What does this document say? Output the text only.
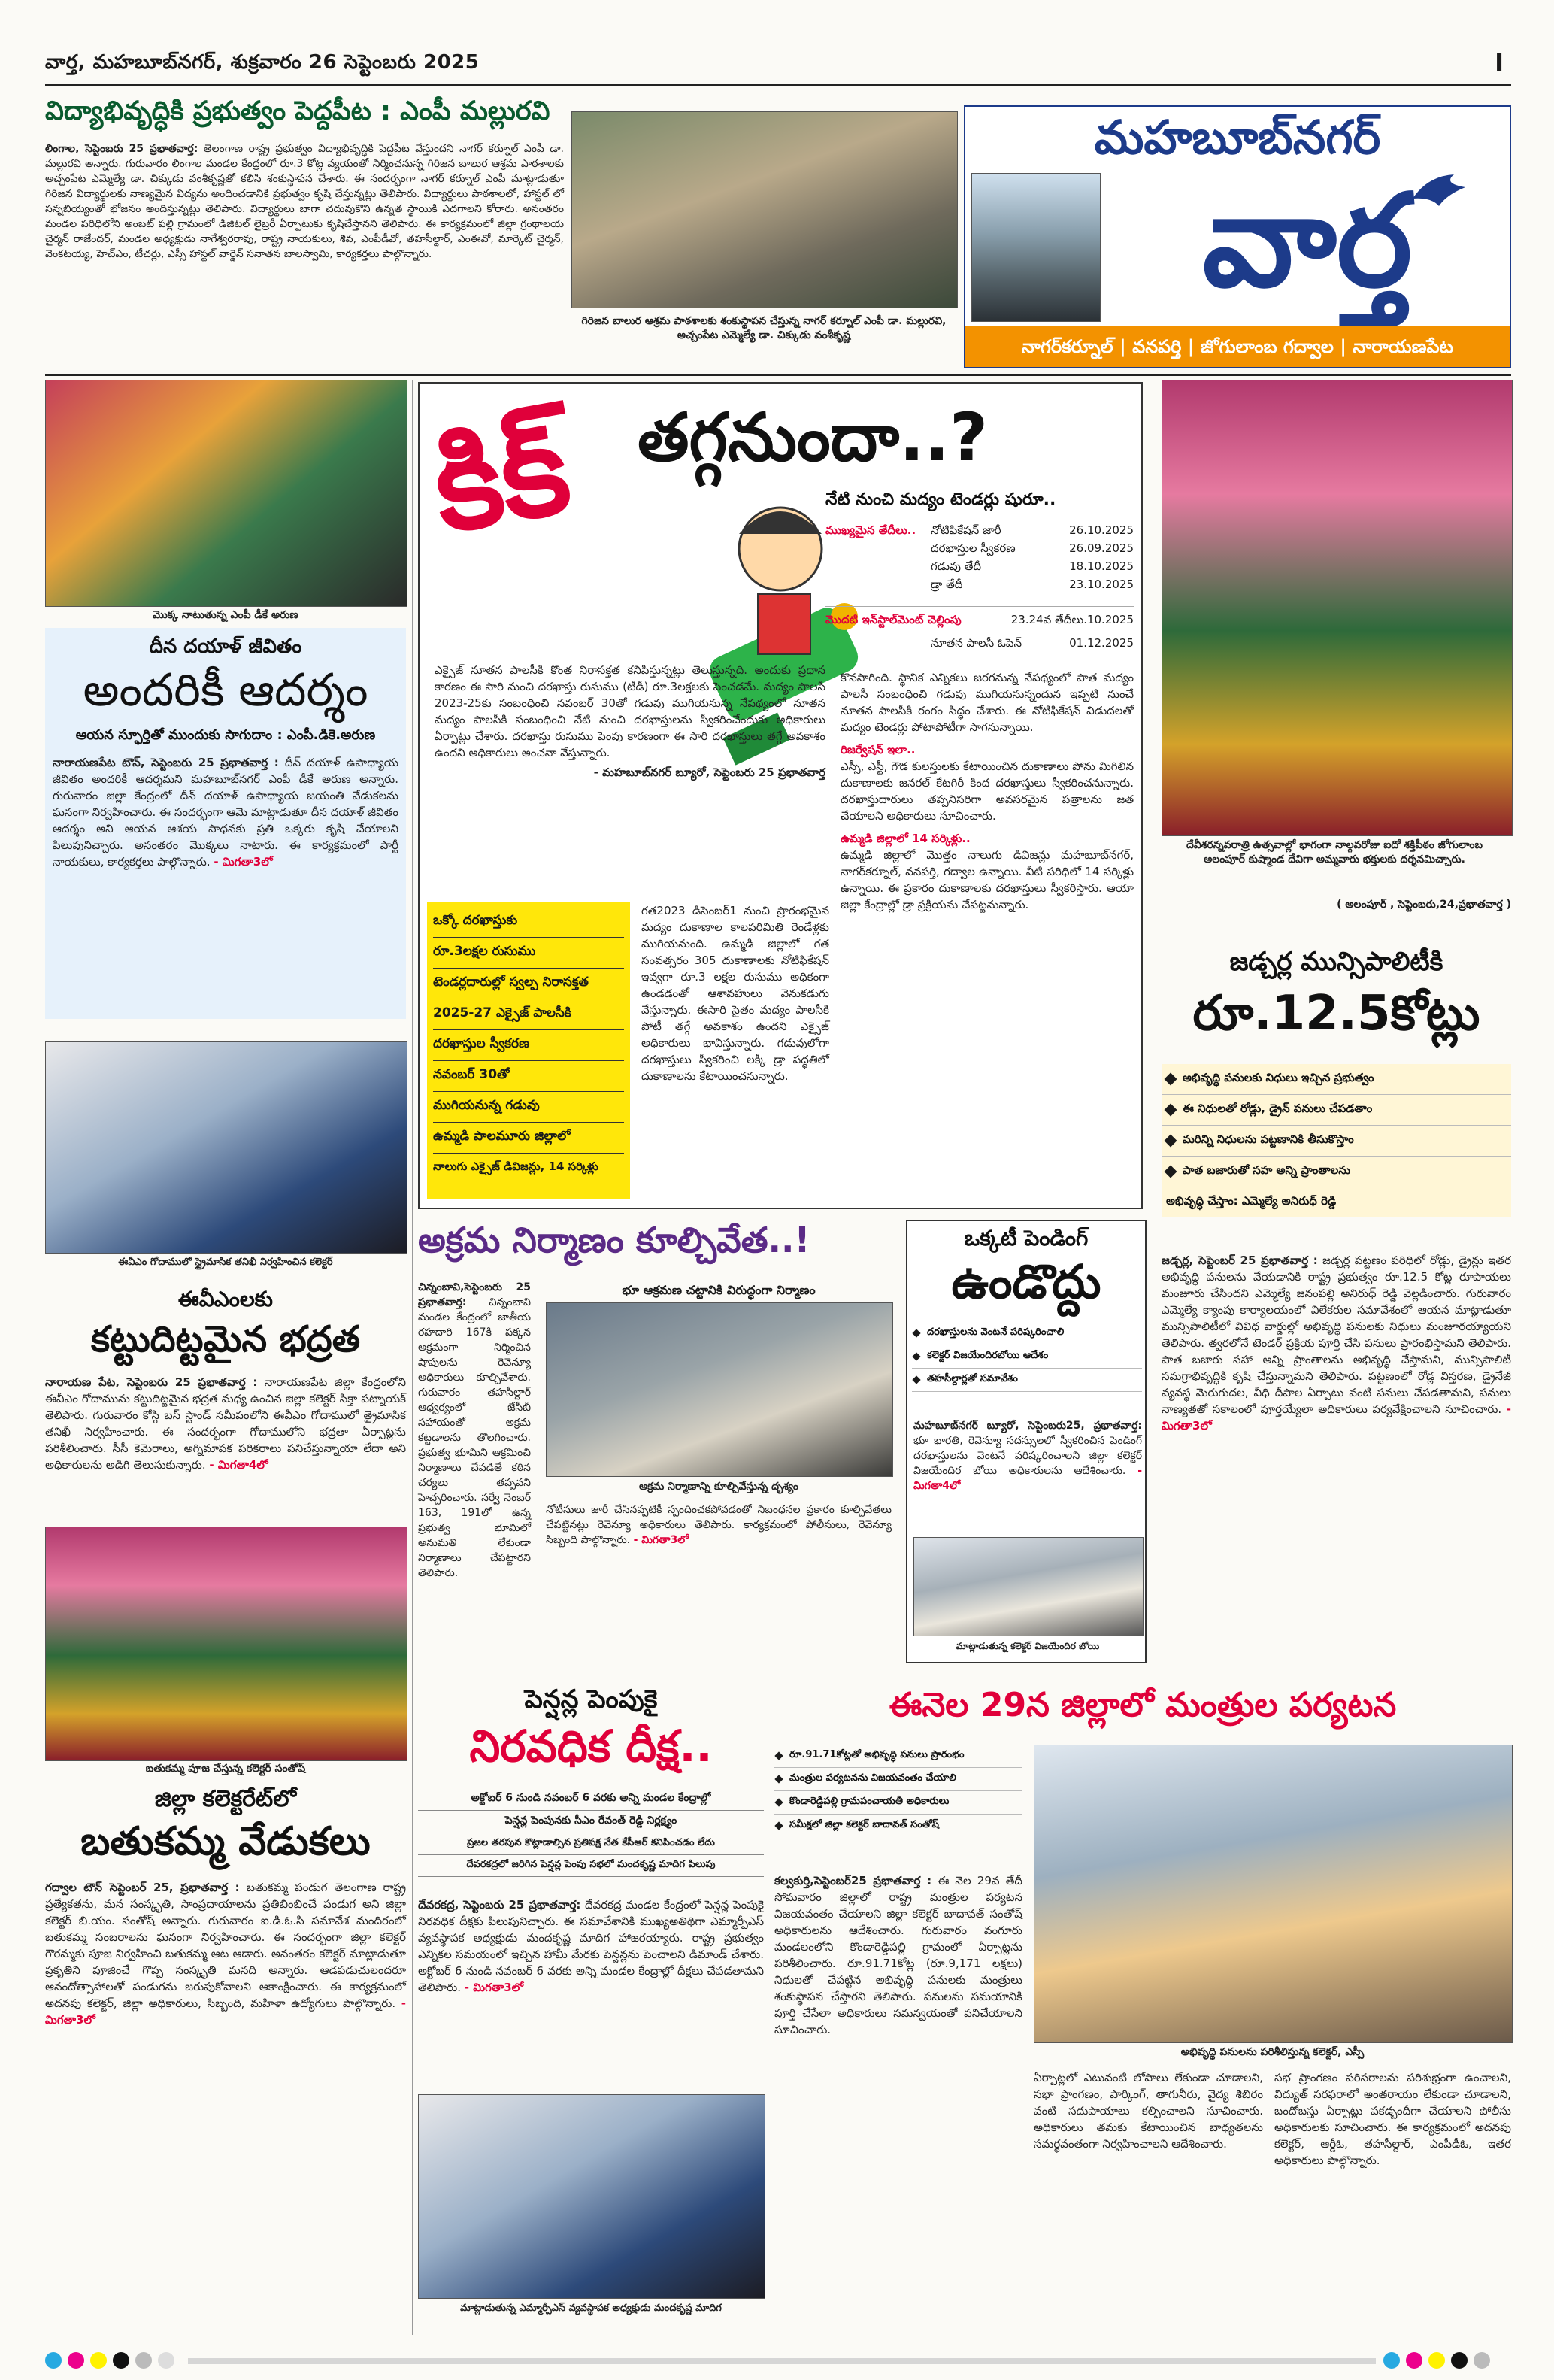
వార్త, మహబూబ్‌నగర్, శుక్రవారం 26 సెప్టెంబరు 2025	I
విద్యాభివృద్ధికి ప్రభుత్వం పెద్దపీట : ఎంపీ మల్లురవి
లింగాల, సెప్టెంబరు 25 ప్రభాతవార్త: తెలంగాణ రాష్ట్ర ప్రభుత్వం విద్యాభివృద్ధికి పెద్దపీట వేస్తుందని నాగర్ కర్నూల్ ఎంపీ డా. మల్లురవి అన్నారు. గురువారం లింగాల మండల కేంద్రంలో రూ.3 కోట్ల వ్యయంతో నిర్మించనున్న గిరిజన బాలుర ఆశ్రమ పాఠశాలకు అచ్చంపేట ఎమ్మెల్యే డా. చిక్కుడు వంశీకృష్ణతో కలిసి శంకుస్థాపన చేశారు. ఈ సందర్భంగా నాగర్ కర్నూల్ ఎంపీ మాట్లాడుతూ గిరిజన విద్యార్థులకు నాణ్యమైన విద్యను అందించడానికి ప్రభుత్వం కృషి చేస్తున్నట్లు తెలిపారు. విద్యార్థులు పాఠశాలలో, హాస్టల్ లో సన్నబియ్యంతో భోజనం అందిస్తున్నట్లు తెలిపారు. విద్యార్థులు బాగా చదువుకొని ఉన్నత స్థాయికి ఎదగాలని కోరారు. అనంతరం మండల పరిధిలోని అంబట్ పల్లి గ్రామంలో డిజిటల్ లైబ్రరీ ఏర్పాటుకు కృషిచేస్తానని తెలిపారు. ఈ కార్యక్రమంలో జిల్లా గ్రంథాలయ చైర్మన్ రాజేందర్, మండల అధ్యక్షుడు నాగేశ్వరరావు, రాష్ట్ర నాయకులు, శివ, ఎంపీడీవో, తహసీల్దార్, ఎంఈవో, మార్కెట్ చైర్మన్, వెంకటయ్య, హెచ్ఎం, టీచర్లు, ఎస్సీ హాస్టల్ వార్డెన్ సనాతన బాలస్వామి, కార్యకర్తలు పాల్గొన్నారు.
గిరిజన బాలుర ఆశ్రమ పాఠశాలకు శంకుస్థాపన చేస్తున్న నాగర్ కర్నూల్ ఎంపీ డా. మల్లురవి, అచ్చంపేట ఎమ్మెల్యే డా. చిక్కుడు వంశీకృష్ణ
మహబూబ్‌నగర్
వార్త
నాగర్‌కర్నూల్ | వనపర్తి | జోగులాంబ గద్వాల | నారాయణపేట
మొక్క నాటుతున్న ఎంపీ డీకే అరుణ
దీన దయాళ్ జీవితం
అందరికీ ఆదర్శం
ఆయన స్ఫూర్తితో ముందుకు సాగుదాం : ఎంపీ.డికె.అరుణ
నారాయణపేట టౌన్, సెప్టెంబరు 25 ప్రభాతవార్త : దీన్ దయాళ్ ఉపాధ్యాయ జీవితం అందరికీ ఆదర్శమని మహబూబ్‌నగర్ ఎంపీ డీకే అరుణ అన్నారు. గురువారం జిల్లా కేంద్రంలో దీన్ దయాళ్ ఉపాధ్యాయ జయంతి వేడుకలను ఘనంగా నిర్వహించారు. ఈ సందర్భంగా ఆమె మాట్లాడుతూ దీన దయాళ్ జీవితం ఆదర్శం అని ఆయన ఆశయ సాధనకు ప్రతి ఒక్కరు కృషి చేయాలని పిలుపునిచ్చారు. అనంతరం మొక్కలు నాటారు. ఈ కార్యక్రమంలో పార్టీ నాయకులు, కార్యకర్తలు పాల్గొన్నారు. - మిగతా3లో
ఈవీఎం గోదాములో స్ట్రైమాసిక తనిఖీ నిర్వహించిన కలెక్టర్
ఈవీఎంలకు
కట్టుదిట్టమైన భద్రత
నారాయణ పేట, సెప్టెంబరు 25 ప్రభాతవార్త : నారాయణపేట జిల్లా కేంద్రంలోని ఈవీఎం గోదామును కట్టుదిట్టమైన భద్రత మధ్య ఉంచిన జిల్లా కలెక్టర్ సిక్తా పట్నాయక్ తెలిపారు. గురువారం కోస్గి బస్ స్టాండ్ సమీపంలోని ఈవీఎం గోదాములో త్రైమాసిక తనిఖీ నిర్వహించారు. ఈ సందర్భంగా గోదాములోని భద్రతా ఏర్పాట్లను పరిశీలించారు. సీసీ కెమెరాలు, అగ్నిమాపక పరికరాలు పనిచేస్తున్నాయా లేదా అని అధికారులను అడిగి తెలుసుకున్నారు. - మిగతా4లో
బతుకమ్మ పూజ చేస్తున్న కలెక్టర్ సంతోష్
జిల్లా కలెక్టరేట్‌లో
బతుకమ్మ వేడుకలు
గద్వాల టౌన్ సెప్టెంబర్ 25, ప్రభాతవార్త : బతుకమ్మ పండుగ తెలంగాణ రాష్ట్ర ప్రత్యేకతను, మన సంస్కృతి, సాంప్రదాయాలను ప్రతిబింబించే పండుగ అని జిల్లా కలెక్టర్ బి.యం. సంతోష్ అన్నారు. గురువారం ఐ.డి.ఓ.సి సమావేశ మందిరంలో బతుకమ్మ సంబరాలను ఘనంగా నిర్వహించారు. ఈ సందర్భంగా జిల్లా కలెక్టర్ గౌరమ్మకు పూజ నిర్వహించి బతుకమ్మ ఆట ఆడారు. అనంతరం కలెక్టర్ మాట్లాడుతూ ప్రకృతిని పూజించే గొప్ప సంస్కృతి మనది అన్నారు. ఆడపడుచులందరూ ఆనందోత్సాహాలతో పండుగను జరుపుకోవాలని ఆకాంక్షించారు. ఈ కార్యక్రమంలో అదనపు కలెక్టర్, జిల్లా అధికారులు, సిబ్బంది, మహిళా ఉద్యోగులు పాల్గొన్నారు. - మిగతా3లో
కిక్ తగ్గనుందా..?
నేటి నుంచి మద్యం టెండర్లు షురూ..
ముఖ్యమైన తేదీలు.. నోటిఫికేషన్ జారీ	26.10.2025
దరఖాస్తుల స్వీకరణ	26.09.2025
గడువు తేదీ	18.10.2025
డ్రా తేదీ	23.10.2025
మొదటి ఇన్‌స్టాల్‌మెంట్ చెల్లింపు	23.24వ తేదీలు.10.2025
నూతన పాలసీ ఓపెన్	01.12.2025
ఎక్సైజ్ నూతన పాలసీకి కొంత నిరాసక్తత కనిపిస్తున్నట్లు తెలుస్తున్నది. అందుకు ప్రధాన కారణం ఈ సారి నుంచి దరఖాస్తు రుసుము (టీడీ) రూ.3లక్షలకు పెంచడమే. మద్యం పాలసీ 2023-25కు సంబంధించి నవంబర్ 30తో గడువు ముగియనున్న నేపథ్యంలో నూతన మద్యం పాలసీకి సంబంధించి నేటి నుంచి దరఖాస్తులను స్వీకరించేందుకు అధికారులు ఏర్పాట్లు చేశారు. దరఖాస్తు రుసుము పెంపు కారణంగా ఈ సారి దరఖాస్తులు తగ్గే అవకాశం ఉందని అధికారులు అంచనా వేస్తున్నారు.
- మహబూబ్‌నగర్ బ్యూరో, సెప్టెంబరు 25 ప్రభాతవార్త
కొనసాగింది. స్థానిక ఎన్నికలు జరగనున్న నేపథ్యంలో పాత మద్యం పాలసీ సంబంధించి గడువు ముగియనున్నందున ఇప్పటి నుంచే నూతన పాలసీకి రంగం సిద్ధం చేశారు. ఈ నోటిఫికేషన్ విడుదలతో మద్యం టెండర్లు పోటాపోటీగా సాగనున్నాయి.
రిజర్వేషన్ ఇలా..
ఎస్సీ, ఎస్టీ, గౌడ కులస్తులకు కేటాయించిన దుకాణాలు పోను మిగిలిన దుకాణాలకు జనరల్ కేటగిరీ కింద దరఖాస్తులు స్వీకరించనున్నారు. దరఖాస్తుదారులు తప్పనిసరిగా అవసరమైన పత్రాలను జత చేయాలని అధికారులు సూచించారు.
ఉమ్మడి జిల్లాలో 14 సర్కిళ్లు..
ఉమ్మడి జిల్లాలో మొత్తం నాలుగు డివిజన్లు మహబూబ్‌నగర్, నాగర్‌కర్నూల్, వనపర్తి, గద్వాల ఉన్నాయి. వీటి పరిధిలో 14 సర్కిళ్లు ఉన్నాయి. ఈ ప్రకారం దుకాణాలకు దరఖాస్తులు స్వీకరిస్తారు. ఆయా జిల్లా కేంద్రాల్లో డ్రా ప్రక్రియను చేపట్టనున్నారు.
ఒక్కో దరఖాస్తుకు
రూ.3లక్షల రుసుము
టెండర్లదారుల్లో స్వల్ప నిరాసక్తత
2025-27 ఎక్సైజ్ పాలసీకి
దరఖాస్తుల స్వీకరణ
నవంబర్ 30తో
ముగియనున్న గడువు
ఉమ్మడి పాలమూరు జిల్లాలో
నాలుగు ఎక్సైజ్ డివిజన్లు, 14 సర్కిళ్లు
గత2023 డిసెంబర్1 నుంచి ప్రారంభమైన మద్యం దుకాణాల కాలపరిమితి రెండేళ్లకు ముగియనుంది. ఉమ్మడి జిల్లాలో గత సంవత్సరం 305 దుకాణాలకు నోటిఫికేషన్ ఇవ్వగా రూ.3 లక్షల రుసుము అధికంగా ఉండడంతో ఆశావహులు వెనుకడుగు వేస్తున్నారు. ఈసారి సైతం మద్యం పాలసీకి పోటీ తగ్గే అవకాశం ఉందని ఎక్సైజ్ అధికారులు భావిస్తున్నారు. గడువులోగా దరఖాస్తులు స్వీకరించి లక్కీ డ్రా పద్ధతిలో దుకాణాలను కేటాయించనున్నారు.
దేవీశరన్నవరాత్రి ఉత్సవాల్లో భాగంగా నాల్గవరోజు ఐదో శక్తిపీఠం జోగులాంబ అలంపూర్ కుష్మాండ దేవిగా అమ్మవారు భక్తులకు దర్శనమిచ్చారు.
( అలంపూర్ , సెప్టెంబరు,24,ప్రభాతవార్త )
జడ్చర్ల మున్సిపాలిటీకి
రూ.12.5కోట్లు
అభివృద్ధి పనులకు నిధులు ఇచ్చిన ప్రభుత్వం
ఈ నిధులతో రోడ్లు, డ్రైన్ పనులు చేపడతాం
మరిన్ని నిధులను పట్టణానికి తీసుకొస్తాం
పాత బజారుతో సహ అన్ని ప్రాంతాలను
అభివృద్ధి చేస్తాం: ఎమ్మెల్యే అనిరుధ్ రెడ్డి
జడ్చర్ల, సెప్టెంబర్ 25 ప్రభాతవార్త : జడ్చర్ల పట్టణం పరిధిలో రోడ్లు, డ్రైన్లు ఇతర అభివృద్ధి పనులను వేయడానికి రాష్ట్ర ప్రభుత్వం రూ.12.5 కోట్ల రూపాయలు మంజూరు చేసిందని ఎమ్మెల్యే జనంపల్లి అనిరుధ్ రెడ్డి వెల్లడించారు. గురువారం ఎమ్మెల్యే క్యాంపు కార్యాలయంలో విలేకరుల సమావేశంలో ఆయన మాట్లాడుతూ మున్సిపాలిటీలో వివిధ వార్డుల్లో అభివృద్ధి పనులకు నిధులు మంజూరయ్యాయని తెలిపారు. త్వరలోనే టెండర్ ప్రక్రియ పూర్తి చేసి పనులు ప్రారంభిస్తామని తెలిపారు. పాత బజారు సహా అన్ని ప్రాంతాలను అభివృద్ధి చేస్తామని, మున్సిపాలిటీ సమగ్రాభివృద్ధికి కృషి చేస్తున్నామని తెలిపారు. పట్టణంలో రోడ్ల విస్తరణ, డ్రైనేజీ వ్యవస్థ మెరుగుదల, వీధి దీపాల ఏర్పాటు వంటి పనులు చేపడతామని, పనులు నాణ్యతతో సకాలంలో పూర్తయ్యేలా అధికారులు పర్యవేక్షించాలని సూచించారు. - మిగతా3లో
అక్రమ నిర్మాణం కూల్చివేత..!
చిన్నంబావి,సెప్టెంబరు 25 ప్రభాతవార్త: చిన్నంబావి మండల కేంద్రంలో జాతీయ రహదారి 167కి పక్కన అక్రమంగా నిర్మించిన షాపులను రెవెన్యూ అధికారులు కూల్చివేశారు. గురువారం తహసీల్దార్ ఆధ్వర్యంలో జేసీబీ సహాయంతో అక్రమ కట్టడాలను తొలగించారు. ప్రభుత్వ భూమిని ఆక్రమించి నిర్మాణాలు చేపడితే కఠిన చర్యలు తప్పవని హెచ్చరించారు. సర్వే నెంబర్ 163, 191లో ఉన్న ప్రభుత్వ భూమిలో అనుమతి లేకుండా నిర్మాణాలు చేపట్టారని తెలిపారు.
భూ ఆక్రమణ చట్టానికి విరుద్ధంగా నిర్మాణం
అక్రమ నిర్మాణాన్ని కూల్చివేస్తున్న దృశ్యం
నోటీసులు జారీ చేసినప్పటికీ స్పందించకపోవడంతో నిబంధనల ప్రకారం కూల్చివేతలు చేపట్టినట్లు రెవెన్యూ అధికారులు తెలిపారు. కార్యక్రమంలో పోలీసులు, రెవెన్యూ సిబ్బంది పాల్గొన్నారు. - మిగతా3లో
ఒక్కటీ పెండింగ్
ఉండొద్దు
దరఖాస్తులను వెంటనే పరిష్కరించాలి
కలెక్టర్ విజయేందిరబోయి ఆదేశం
తహసీల్దార్లతో సమావేశం
మహబూబ్‌నగర్ బ్యూరో, సెప్టెంబరు25, ప్రభాతవార్త: భూ భారతి, రెవెన్యూ సదస్సులలో స్వీకరించిన పెండింగ్ దరఖాస్తులను వెంటనే పరిష్కరించాలని జిల్లా కలెక్టర్ విజయేందిర బోయి అధికారులను ఆదేశించారు. - మిగతా4లో
మాట్లాడుతున్న కలెక్టర్ విజయేందిర బోయి
పెన్షన్ల పెంపుకై
నిరవధిక దీక్ష..
అక్టోబర్ 6 నుండి నవంబర్ 6 వరకు అన్ని మండల కేంద్రాల్లో
పెన్షన్ల పెంపునకు సీఎం రేవంత్ రెడ్డి నిర్లక్ష్యం
ప్రజల తరపున కొట్లాడాల్సిన ప్రతిపక్ష నేత కేసీఆర్ కనిపించడం లేదు
దేవరకద్రలో జరిగిన పెన్షన్ల పెంపు సభలో మందకృష్ణ మాదిగ పిలుపు
దేవరకద్ర, సెప్టెంబరు 25 ప్రభాతవార్త: దేవరకద్ర మండల కేంద్రంలో పెన్షన్ల పెంపుకై నిరవధిక దీక్షకు పిలుపునిచ్చారు. ఈ సమావేశానికి ముఖ్యఅతిథిగా ఎమ్మార్పీఎస్ వ్యవస్థాపక అధ్యక్షుడు మందకృష్ణ మాదిగ హాజరయ్యారు. రాష్ట్ర ప్రభుత్వం ఎన్నికల సమయంలో ఇచ్చిన హామీ మేరకు పెన్షన్లను పెంచాలని డిమాండ్ చేశారు. అక్టోబర్ 6 నుండి నవంబర్ 6 వరకు అన్ని మండల కేంద్రాల్లో దీక్షలు చేపడతామని తెలిపారు. - మిగతా3లో
మాట్లాడుతున్న ఎమ్మార్పీఎస్ వ్యవస్థాపక అధ్యక్షుడు మందకృష్ణ మాదిగ
ఈనెల 29న జిల్లాలో మంత్రుల పర్యటన
రూ.91.71కోట్లతో అభివృద్ధి పనులు ప్రారంభం
మంత్రుల పర్యటనను విజయవంతం చేయాలి
కొండారెడ్డిపల్లి గ్రామపంచాయతీ అధికారులు
సమీక్షలో జిల్లా కలెక్టర్ బాదావత్ సంతోష్
కల్వకుర్తి,సెప్టెంబర్25 ప్రభాతవార్త : ఈ నెల 29వ తేదీ సోమవారం జిల్లాలో రాష్ట్ర మంత్రుల పర్యటన విజయవంతం చేయాలని జిల్లా కలెక్టర్ బాదావత్ సంతోష్ అధికారులను ఆదేశించారు. గురువారం వంగూరు మండలంలోని కొండారెడ్డిపల్లి గ్రామంలో ఏర్పాట్లను పరిశీలించారు. రూ.91.71కోట్ల (రూ.9,171 లక్షలు) నిధులతో చేపట్టిన అభివృద్ధి పనులకు మంత్రులు శంకుస్థాపన చేస్తారని తెలిపారు. పనులను సమయానికి పూర్తి చేసేలా అధికారులు సమన్వయంతో పనిచేయాలని సూచించారు.
అభివృద్ధి పనులను పరిశీలిస్తున్న కలెక్టర్, ఎస్పీ
ఏర్పాట్లలో ఎటువంటి లోపాలు లేకుండా చూడాలని, సభా ప్రాంగణం, పార్కింగ్, తాగునీరు, వైద్య శిబిరం వంటి సదుపాయాలు కల్పించాలని సూచించారు. అధికారులు తమకు కేటాయించిన బాధ్యతలను సమర్థవంతంగా నిర్వహించాలని ఆదేశించారు.
సభ ప్రాంగణం పరిసరాలను పరిశుభ్రంగా ఉంచాలని, విద్యుత్ సరఫరాలో అంతరాయం లేకుండా చూడాలని, బందోబస్తు ఏర్పాట్లు పకడ్బందీగా చేయాలని పోలీసు అధికారులకు సూచించారు. ఈ కార్యక్రమంలో అదనపు కలెక్టర్, ఆర్డీఓ, తహసీల్దార్, ఎంపీడీఓ, ఇతర అధికారులు పాల్గొన్నారు.
